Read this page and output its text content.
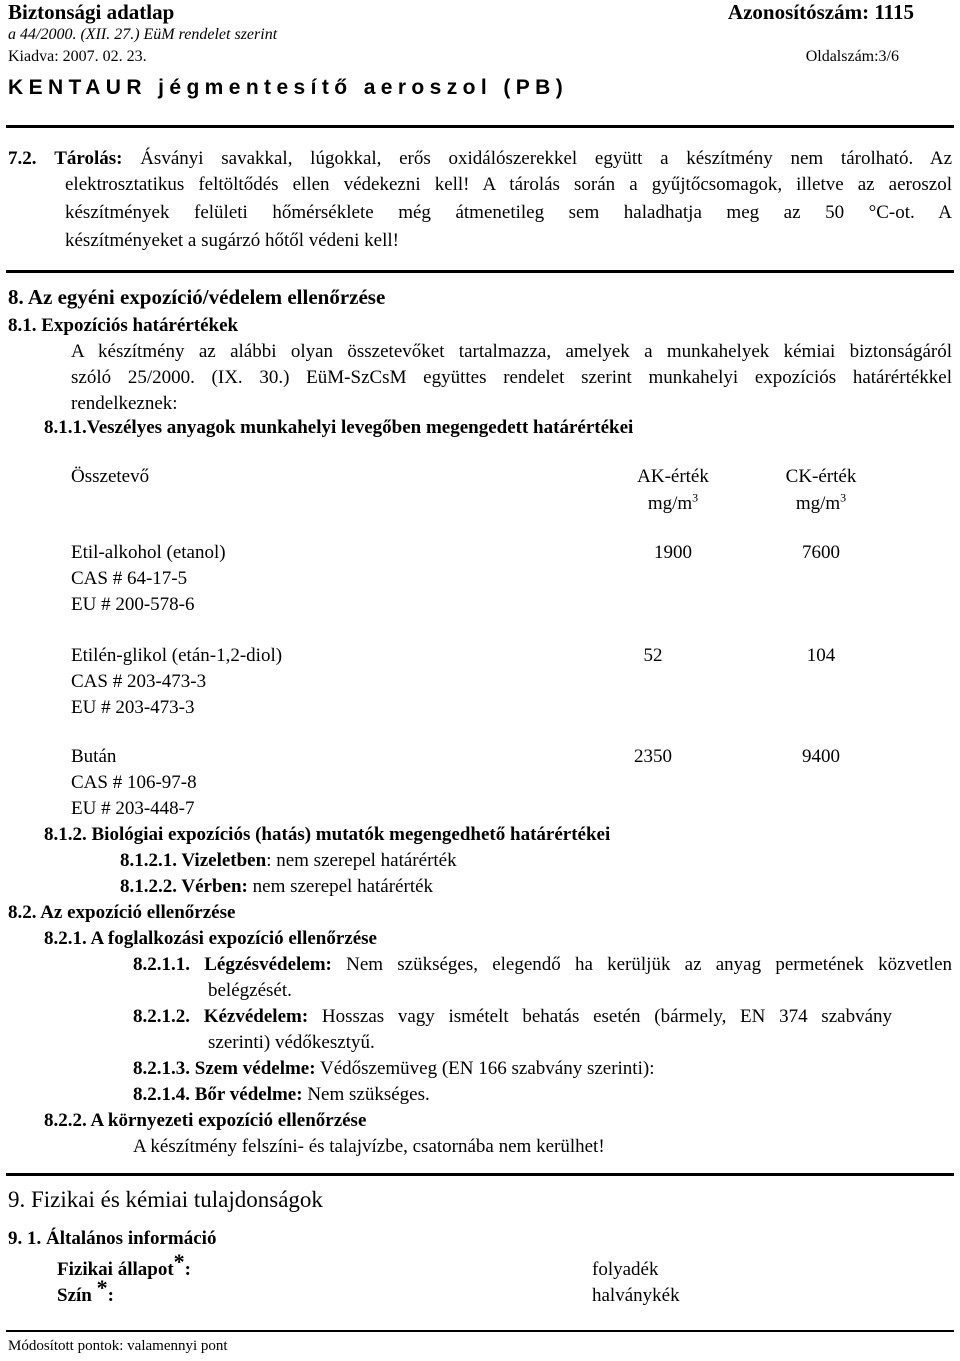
Biztonsági adatlap	Azonosítószám: 1115
a 44/2000. (XII. 27.) EüM rendelet szerint
Kiadva: 2007. 02. 23.	Oldalszám:3/6
KENTAUR jégmentesítő aeroszol (PB)
7.2. Tárolás: Ásványi savakkal, lúgokkal, erős oxidálószerekkel együtt a készítmény nem tárolható. Az
elektrosztatikus feltöltődés ellen védekezni kell! A tárolás során a gyűjtőcsomagok, illetve az aeroszol
készítmények felületi hőmérséklete még átmenetileg sem haladhatja meg az 50 °C-ot. A
készítményeket a sugárzó hőtől védeni kell!
8. Az egyéni expozíció/védelem ellenőrzése
8.1. Expozíciós határértékek
A készítmény az alábbi olyan összetevőket tartalmazza, amelyek a munkahelyek kémiai biztonságáról
szóló 25/2000. (IX. 30.) EüM-SzCsM együttes rendelet szerint munkahelyi expozíciós határértékkel
rendelkeznek:
8.1.1.Veszélyes anyagok munkahelyi levegőben megengedett határértékei
Összetevő	AK-érték	CK-érték
$mg/m^3$	$mg/m^3$
Etil-alkohol (etanol)
CAS # 64-17-5
EU # 200-578-6
1900	7600
Etilén-glikol (etán-1,2-diol)
CAS # 203-473-3
EU # 203-473-3
52	104
Bután
CAS # 106-97-8
EU # 203-448-7
2350	9400
8.1.2. Biológiai expozíciós (hatás) mutatók megengedhető határértékei
8.1.2.1. Vizeletben: nem szerepel határérték
8.1.2.2. Vérben: nem szerepel határérték
8.2. Az expozíció ellenőrzése
8.2.1. A foglalkozási expozíció ellenőrzése
8.2.1.1. Légzésvédelem: Nem szükséges, elegendő ha kerüljük az anyag permetének közvetlen
belégzését.
8.2.1.2. Kézvédelem: Hosszas vagy ismételt behatás esetén (bármely, EN 374 szabvány
szerinti) védőkesztyű.
8.2.1.3. Szem védelme: Védőszemüveg (EN 166 szabvány szerinti):
8.2.1.4. Bőr védelme: Nem szükséges.
8.2.2. A környezeti expozíció ellenőrzése
A készítmény felszíni- és talajvízbe, csatornába nem kerülhet!
9. Fizikai és kémiai tulajdonságok
9. 1. Általános információ
Fizikai állapot*:	folyadék
Szín *:	halványkék
Módosított pontok: valamennyi pont
